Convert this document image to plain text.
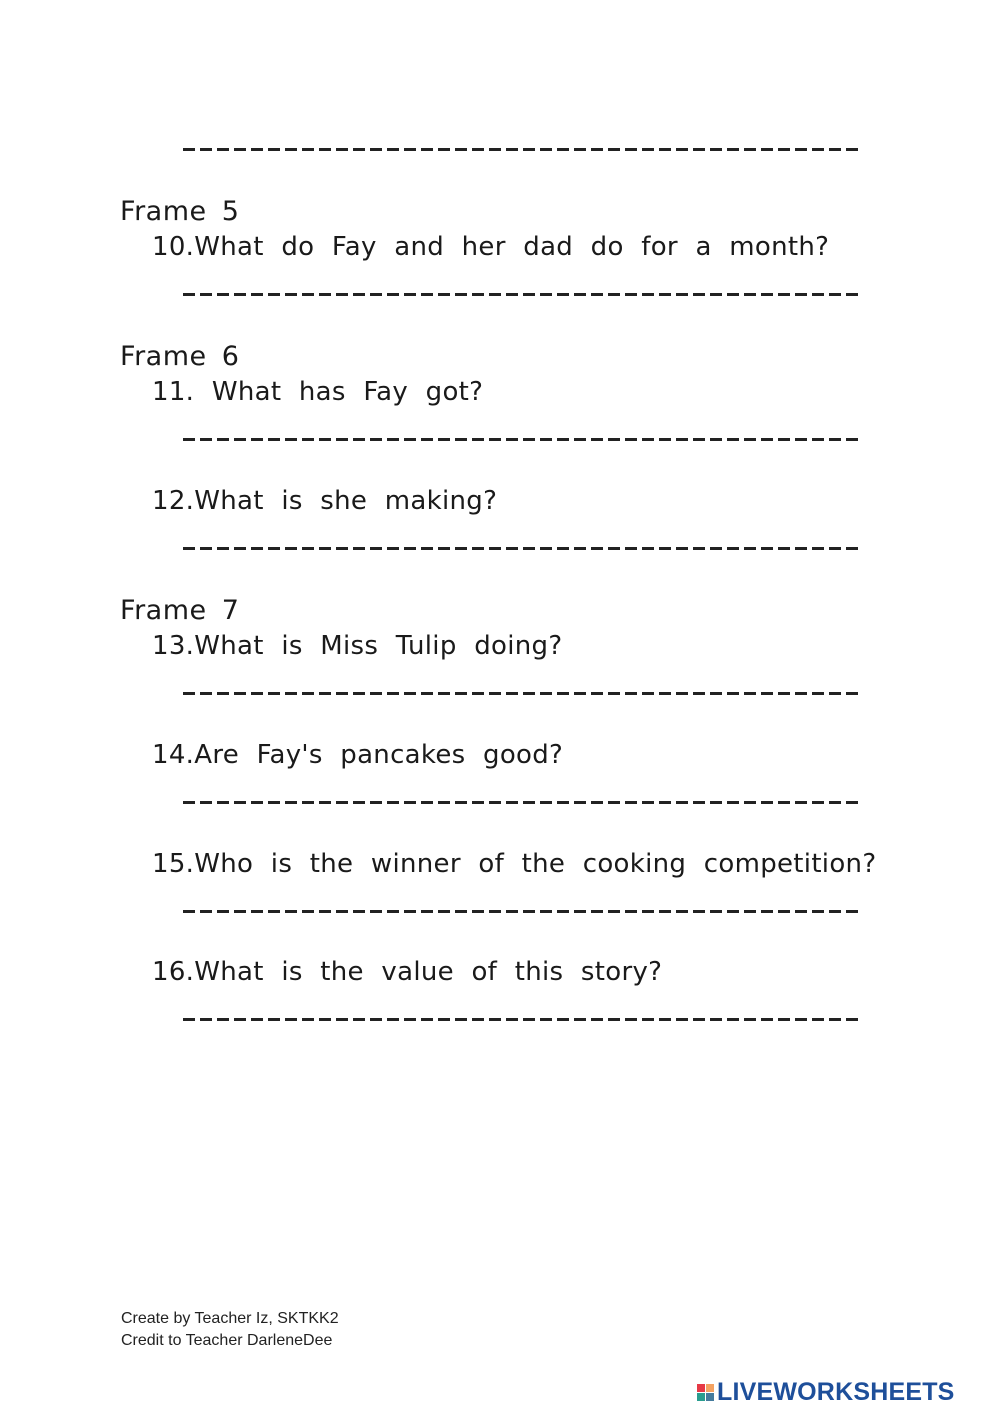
Frame 5
10.What do Fay and her dad do for a month?
Frame 6
11. What has Fay got?
12.What is she making?
Frame 7
13.What is Miss Tulip doing?
14.Are Fay's pancakes good?
15.Who is the winner of the cooking competition?
16.What is the value of this story?
Create by Teacher Iz, SKTKK2
Credit to Teacher DarleneDee
LIVEWORKSHEETS
